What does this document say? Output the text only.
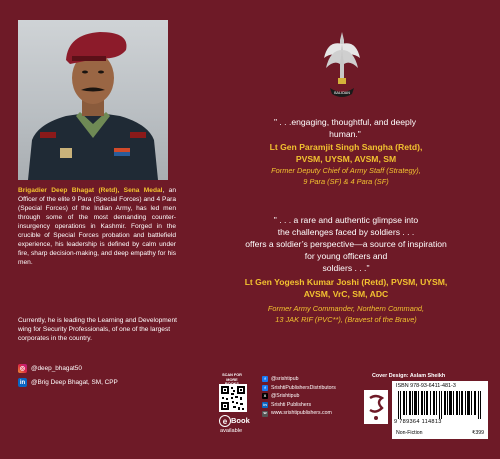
Brigadier Deep Bhagat (Retd), Sena Medal, an Officer of the elite 9 Para (Special Forces) and 4 Para (Special Forces) of the Indian Army, has led men through some of the most demanding counter-insurgency operations in Kashmir. Forged in the crucible of Special Forces probation and battlefield experience, his leadership is defined by calm under fire, sharp decision-making, and deep empathy for his men.
Currently, he is leading the Learning and Development wing for Security Professionals, of one of the largest corporates in the country.
◎ @deep_bhagat50
in @Brig Deep Bhagat, SM, CPP
BALIDAN
" . . .engaging, thoughtful, and deeply
human."
Lt Gen Paramjit Singh Sangha (Retd),
PVSM, UYSM, AVSM, SM
Former Deputy Chief of Army Staff (Strategy),
9 Para (SF) & 4 Para (SF)
" . . . a rare and authentic glimpse into
the challenges faced by soldiers . . .
offers a soldier’s perspective—a source of inspiration
for young officers and
soldiers . . ."
Lt Gen Yogesh Kumar Joshi (Retd), PVSM, UYSM,
AVSM, VrC, SM, ADC
Former Army Commander, Northern Command,
13 JAK RIF (PVC**), (Bravest of the Brave)
SCAN FOR MORE
e Book
available
f	@srishtipub
f	SrishtiPublishersDistributors
X @Srishtipub
in Srishti Publishers
w www.srishtipublishers.com
Cover Design: Aslam Sheikh
ISBN 978-93-6411-481-3
9 789364 114813
Non-Fiction	₹399
